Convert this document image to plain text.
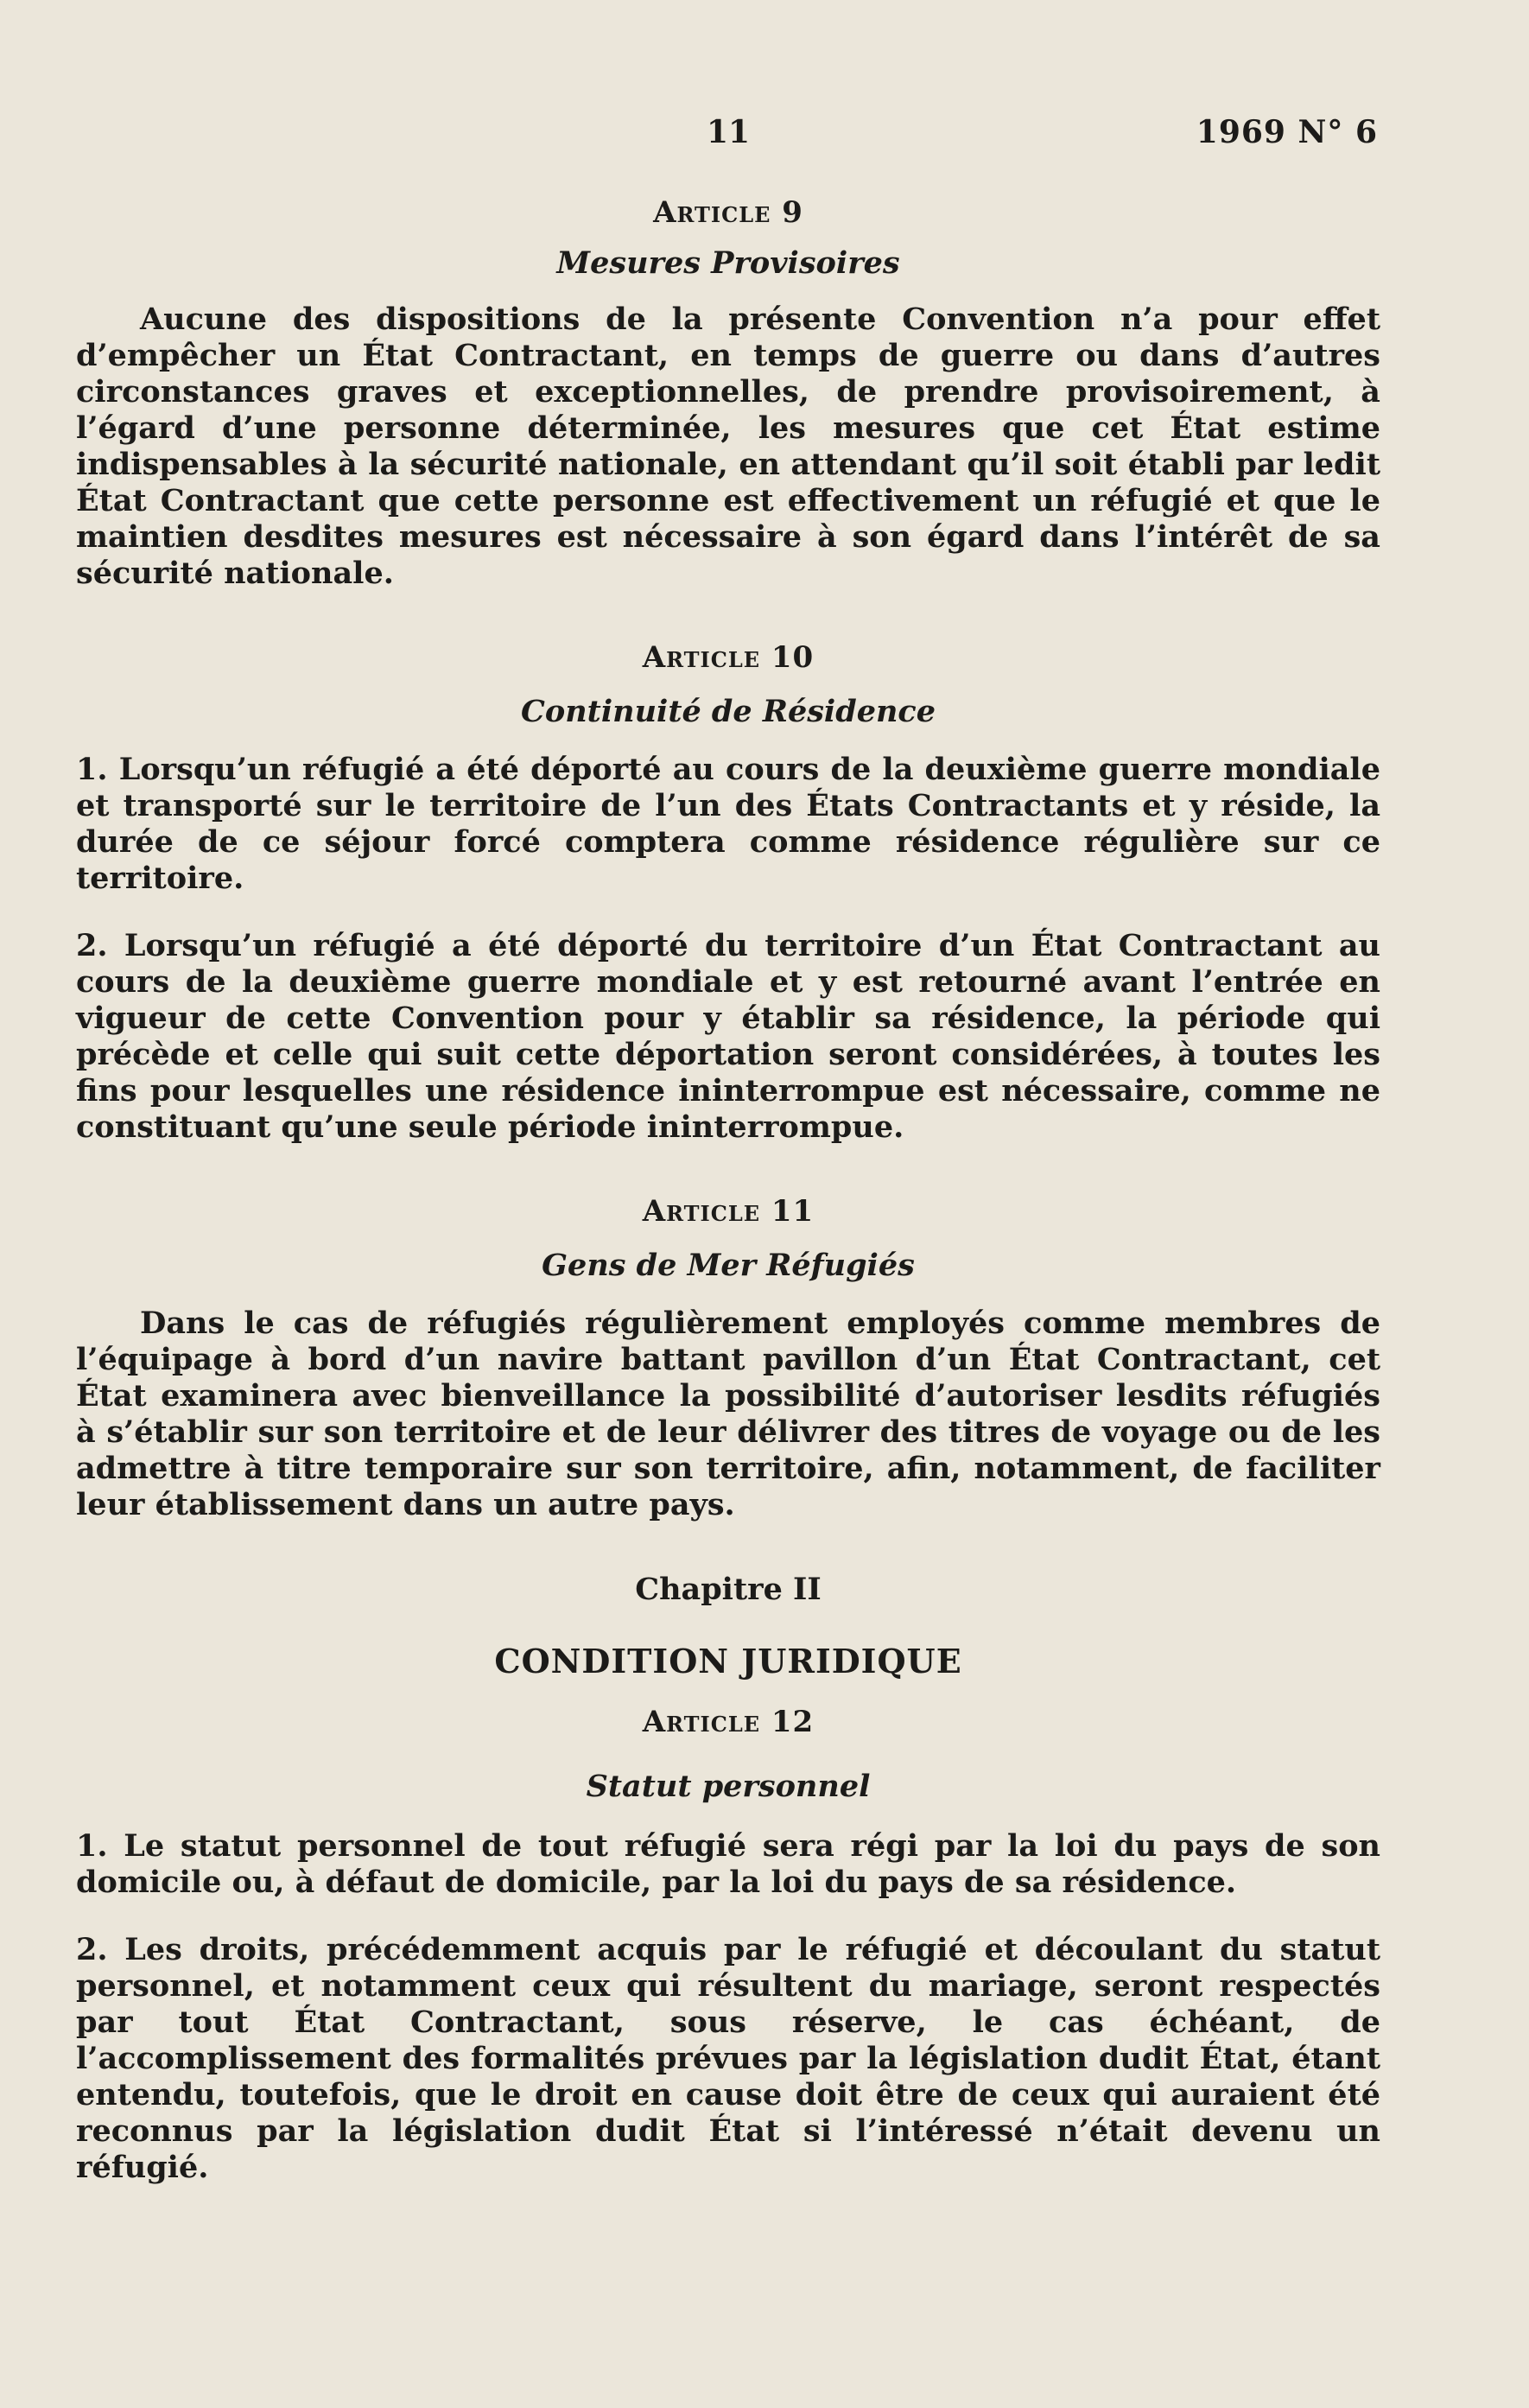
11	1969 N° 6
Article 9
Mesures Provisoires

Aucune des dispositions de la présente Convention n’a pour effet d’empêcher un État Contractant, en temps de guerre ou dans d’autres circonstances graves et exceptionnelles, de prendre provisoirement, à l’égard d’une personne déterminée, les mesures que cet État estime indispensables à la sécurité nationale, en attendant qu’il soit établi par ledit État Contractant que cette personne est effectivement un réfugié et que le maintien desdites mesures est nécessaire à son égard dans l’intérêt de sa sécurité nationale.

Article 10
Continuité de Résidence

1. Lorsqu’un réfugié a été déporté au cours de la deuxième guerre mondiale et transporté sur le territoire de l’un des États Contractants et y réside, la durée de ce séjour forcé comptera comme résidence régulière sur ce territoire.

2. Lorsqu’un réfugié a été déporté du territoire d’un État Contractant au cours de la deuxième guerre mondiale et y est retourné avant l’entrée en vigueur de cette Convention pour y établir sa résidence, la période qui précède et celle qui suit cette déportation seront considérées, à toutes les fins pour lesquelles une résidence ininterrompue est nécessaire, comme ne constituant qu’une seule période ininterrompue.

Article 11
Gens de Mer Réfugiés

Dans le cas de réfugiés régulièrement employés comme membres de l’équipage à bord d’un navire battant pavillon d’un État Contractant, cet État examinera avec bienveillance la possibilité d’autoriser lesdits réfugiés à s’établir sur son territoire et de leur délivrer des titres de voyage ou de les admettre à titre temporaire sur son territoire, afin, notamment, de faciliter leur établissement dans un autre pays.

Chapitre II
CONDITION JURIDIQUE
Article 12
Statut personnel

1. Le statut personnel de tout réfugié sera régi par la loi du pays de son domicile ou, à défaut de domicile, par la loi du pays de sa résidence.

2. Les droits, précédemment acquis par le réfugié et découlant du statut personnel, et notamment ceux qui résultent du mariage, seront respectés par tout État Contractant, sous réserve, le cas échéant, de l’accomplissement des formalités prévues par la législation dudit État, étant entendu, toutefois, que le droit en cause doit être de ceux qui auraient été reconnus par la législation dudit État si l’intéressé n’était devenu un réfugié.
